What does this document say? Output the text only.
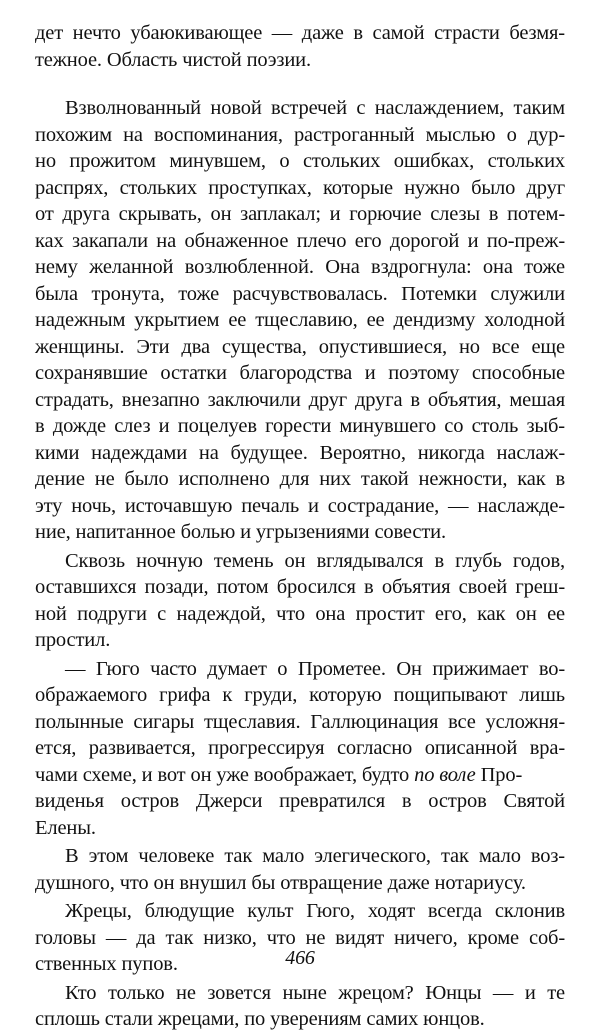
дет нечто убаюкивающее — даже в самой страсти безмя-
тежное. Область чистой поэзии.
Взволнованный новой встречей с наслаждением, таким
похожим на воспоминания, растроганный мыслью о дур-
но прожитом минувшем, о стольких ошибках, стольких
распрях, стольких проступках, которые нужно было друг
от друга скрывать, он заплакал; и горючие слезы в потем-
ках закапали на обнаженное плечо его дорогой и по-преж-
нему желанной возлюбленной. Она вздрогнула: она тоже
была тронута, тоже расчувствовалась. Потемки служили
надежным укрытием ее тщеславию, ее дендизму холодной
женщины. Эти два существа, опустившиеся, но все еще
сохранявшие остатки благородства и поэтому способные
страдать, внезапно заключили друг друга в объятия, мешая
в дожде слез и поцелуев горести минувшего со столь зыб-
кими надеждами на будущее. Вероятно, никогда наслаж-
дение не было исполнено для них такой нежности, как в
эту ночь, источавшую печаль и сострадание, — наслажде-
ние, напитанное болью и угрызениями совести.
Сквозь ночную темень он вглядывался в глубь годов,
оставшихся позади, потом бросился в объятия своей греш-
ной подруги с надеждой, что она простит его, как он ее
простил.
— Гюго часто думает о Прометее. Он прижимает во-
ображаемого грифа к груди, которую пощипывают лишь
полынные сигары тщеславия. Галлюцинация все усложня-
ется, развивается, прогрессируя согласно описанной вра-
чами схеме, и вот он уже воображает, будто по воле Про-
виденья остров Джерси превратился в остров Святой
Елены.
В этом человеке так мало элегического, так мало воз-
душного, что он внушил бы отвращение даже нотариусу.
Жрецы, блюдущие культ Гюго, ходят всегда склонив
головы — да так низко, что не видят ничего, кроме соб-
ственных пупов.
Кто только не зовется ныне жрецом? Юнцы — и те
сплошь стали жрецами, по уверениям самих юнцов.
466
